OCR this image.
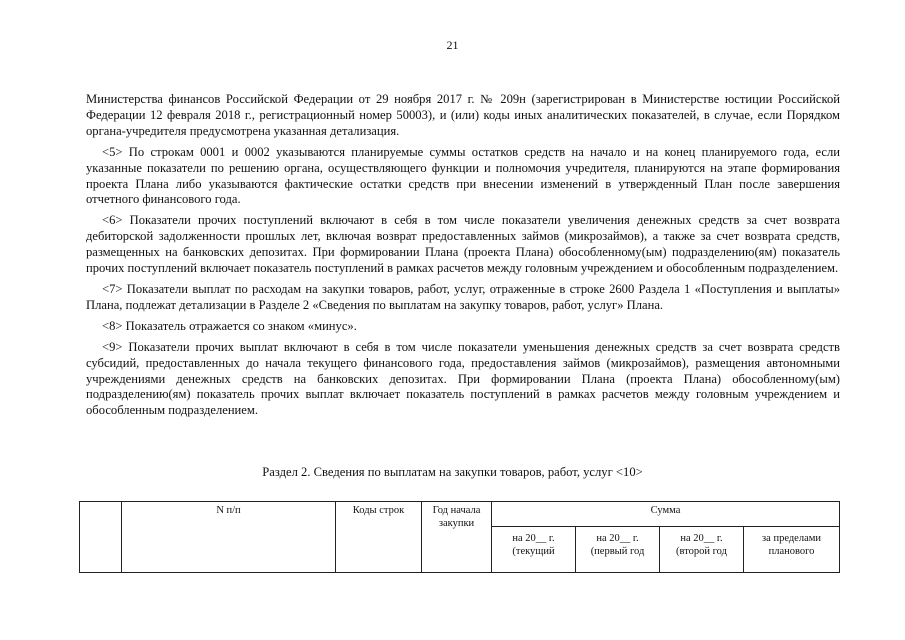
21

Министерства финансов Российской Федерации от 29 ноября 2017 г. № 209н (зарегистрирован в Министерстве юстиции Российской Федерации 12 февраля 2018 г., регистрационный номер 50003), и (или) коды иных аналитических показателей, в случае, если Порядком органа-учредителя предусмотрена указанная детализация.

<5> По строкам 0001 и 0002 указываются планируемые суммы остатков средств на начало и на конец планируемого года, если указанные показатели по решению органа, осуществляющего функции и полномочия учредителя, планируются на этапе формирования проекта Плана либо указываются фактические остатки средств при внесении изменений в утвержденный План после завершения отчетного финансового года.

<6> Показатели прочих поступлений включают в себя в том числе показатели увеличения денежных средств за счет возврата дебиторской задолженности прошлых лет, включая возврат предоставленных займов (микрозаймов), а также за счет возврата средств, размещенных на банковских депозитах. При формировании Плана (проекта Плана) обособленному(ым) подразделению(ям) показатель прочих поступлений включает показатель поступлений в рамках расчетов между головным учреждением и обособленным подразделением.

<7> Показатели выплат по расходам на закупки товаров, работ, услуг, отраженные в строке 2600 Раздела 1 «Поступления и выплаты» Плана, подлежат детализации в Разделе 2 «Сведения по выплатам на закупку товаров, работ, услуг» Плана.

<8> Показатель отражается со знаком «минус».

<9> Показатели прочих выплат включают в себя в том числе показатели уменьшения денежных средств за счет возврата средств субсидий, предоставленных до начала текущего финансового года, предоставления займов (микрозаймов), размещения автономными учреждениями денежных средств на банковских депозитах. При формировании Плана (проекта Плана) обособленному(ым) подразделению(ям) показатель прочих выплат включает показатель поступлений в рамках расчетов между головным учреждением и обособленным подразделением.

Раздел 2. Сведения по выплатам на закупки товаров, работ, услуг <10>
	N п/п	Коды строк	Год начала закупки	Сумма			
				на 20__ г. (текущий	на 20__ г. (первый год	на 20__ г. (второй год	за пределами планового
